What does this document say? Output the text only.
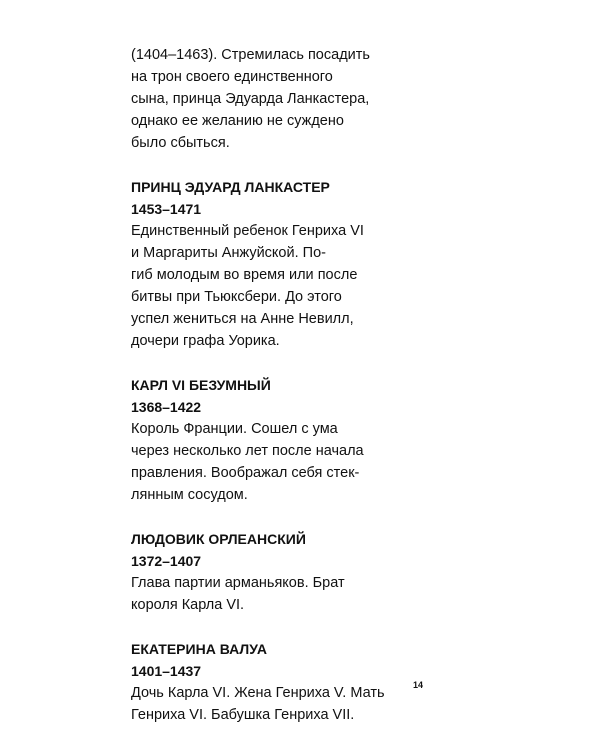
(1404–1463). Стремилась посадить
на трон своего единственного
сына, принца Эдуарда Ланкастера,
однако ее желанию не суждено
было сбыться.
ПРИНЦ ЭДУАРД ЛАНКАСТЕР
1453–1471
Единственный ребенок Генриха VI
и Маргариты Анжуйской. По-
гиб молодым во время или после
битвы при Тьюксбери. До этого
успел жениться на Анне Невилл,
дочери графа Уорика.
КАРЛ VI БЕЗУМНЫЙ
1368–1422
Король Франции. Сошел с ума
через несколько лет после начала
правления. Воображал себя стек-
лянным сосудом.
ЛЮДОВИК ОРЛЕАНСКИЙ
1372–1407
Глава партии арманьяков. Брат
короля Карла VI.
ЕКАТЕРИНА ВАЛУА
1401–1437
Дочь Карла VI. Жена Генриха V. Мать
Генриха VI. Бабушка Генриха VII.
14
